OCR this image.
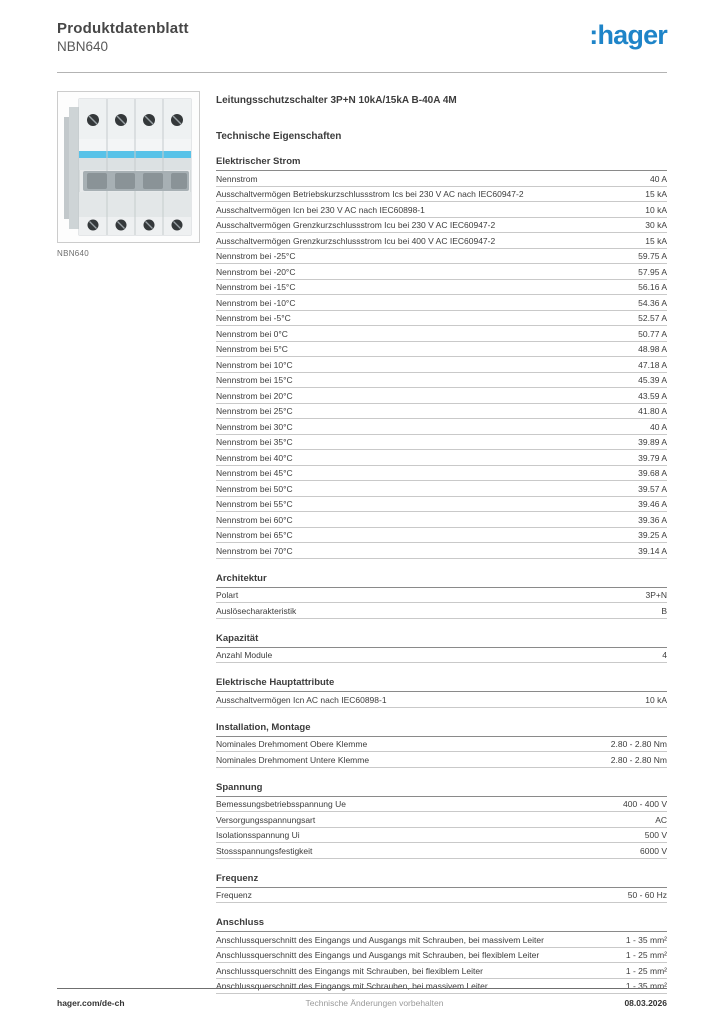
Produktdatenblatt
NBN640	:hager
NBN640
Leitungsschutzschalter 3P+N 10kA/15kA B-40A 4M
Technische Eigenschaften
Elektrischer Strom
Nennstrom	40 A
Ausschaltvermögen Betriebskurzschlussstrom Ics bei 230 V AC nach IEC60947-2	15 kA
Ausschaltvermögen Icn bei 230 V AC nach IEC60898-1	10 kA
Ausschaltvermögen Grenzkurzschlussstrom Icu bei 230 V AC IEC60947-2	30 kA
Ausschaltvermögen Grenzkurzschlussstrom Icu bei 400 V AC IEC60947-2	15 kA
Nennstrom bei -25°C	59.75 A
Nennstrom bei -20°C	57.95 A
Nennstrom bei -15°C	56.16 A
Nennstrom bei -10°C	54.36 A
Nennstrom bei -5°C	52.57 A
Nennstrom bei 0°C	50.77 A
Nennstrom bei 5°C	48.98 A
Nennstrom bei 10°C	47.18 A
Nennstrom bei 15°C	45.39 A
Nennstrom bei 20°C	43.59 A
Nennstrom bei 25°C	41.80 A
Nennstrom bei 30°C	40 A
Nennstrom bei 35°C	39.89 A
Nennstrom bei 40°C	39.79 A
Nennstrom bei 45°C	39.68 A
Nennstrom bei 50°C	39.57 A
Nennstrom bei 55°C	39.46 A
Nennstrom bei 60°C	39.36 A
Nennstrom bei 65°C	39.25 A
Nennstrom bei 70°C	39.14 A
Architektur
Polart	3P+N
Auslösecharakteristik	B
Kapazität
Anzahl Module	4
Elektrische Hauptattribute
Ausschaltvermögen Icn AC nach IEC60898-1	10 kA
Installation, Montage
Nominales Drehmoment Obere Klemme	2.80 - 2.80 Nm
Nominales Drehmoment Untere Klemme	2.80 - 2.80 Nm
Spannung
Bemessungsbetriebsspannung Ue	400 - 400 V
Versorgungsspannungsart	AC
Isolationsspannung Ui	500 V
Stossspannungsfestigkeit	6000 V
Frequenz
Frequenz	50 - 60 Hz
Anschluss
Anschlussquerschnitt des Eingangs und Ausgangs mit Schrauben, bei massivem Leiter	1 - 35 mm²
Anschlussquerschnitt des Eingangs und Ausgangs mit Schrauben, bei flexiblem Leiter	1 - 25 mm²
Anschlussquerschnitt des Eingangs mit Schrauben, bei flexiblem Leiter	1 - 25 mm²
Anschlussquerschnitt des Eingangs mit Schrauben, bei massivem Leiter	1 - 35 mm²
hager.com/de-ch	Technische Änderungen vorbehalten	08.03.2026
